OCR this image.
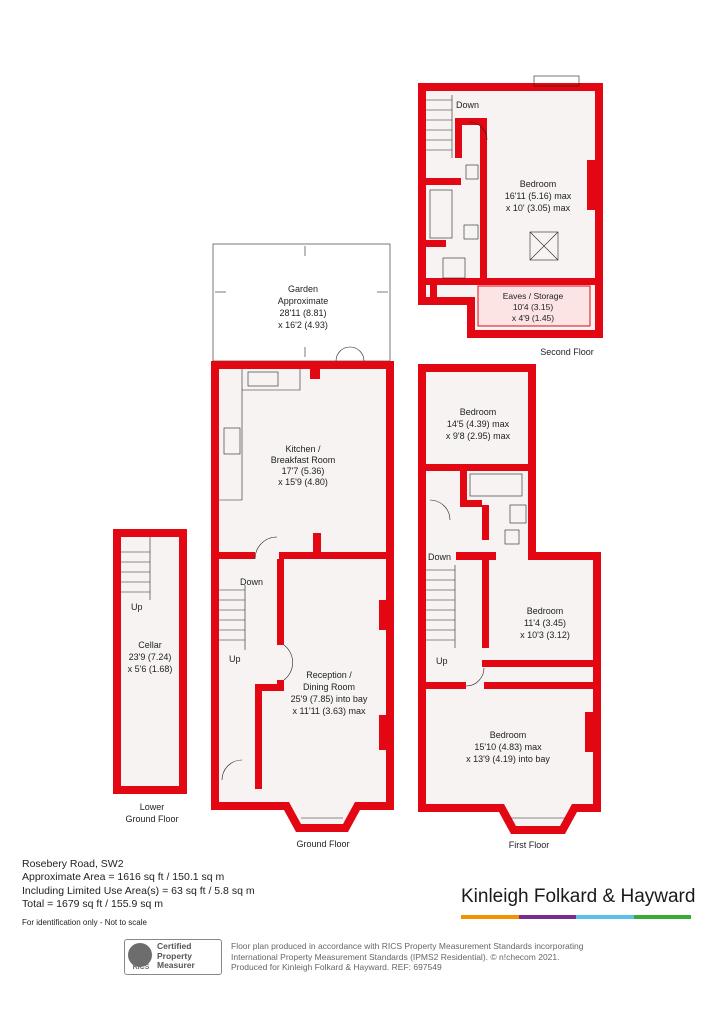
Up
Cellar
23'9 (7.24)
x 5'6 (1.68)
Lower
Ground Floor
Garden
Approximate
28'11 (8.81)
x 16'2 (4.93)
Down
Up
Kitchen /
Breakfast Room
17'7 (5.36)
x 15'9 (4.80)
Reception /
Dining Room
25'9 (7.85) into bay
x 11'11 (3.63) max
Ground Floor
Down
Up
Bedroom
14'5 (4.39) max
x 9'8 (2.95) max
Bedroom
11'4 (3.45)
x 10'3 (3.12)
Bedroom
15'10 (4.83) max
x 13'9 (4.19) into bay
First Floor
Down
Bedroom
16'11 (5.16) max
x 10' (3.05) max
Eaves / Storage
10'4 (3.15)
x 4'9 (1.45)
Second Floor
Rosebery Road, SW2
Approximate Area = 1616 sq ft / 150.1 sq m
Including Limited Use Area(s) = 63 sq ft / 5.8 sq m
Total = 1679 sq ft / 155.9 sq m
For identification only - Not to scale
Kinleigh Folkard & Hayward
RICS
Certified
Property
Measurer
Floor plan produced in accordance with RICS Property Measurement Standards incorporating
International Property Measurement Standards (IPMS2 Residential). © n!checom 2021.
Produced for Kinleigh Folkard & Hayward. REF: 697549
